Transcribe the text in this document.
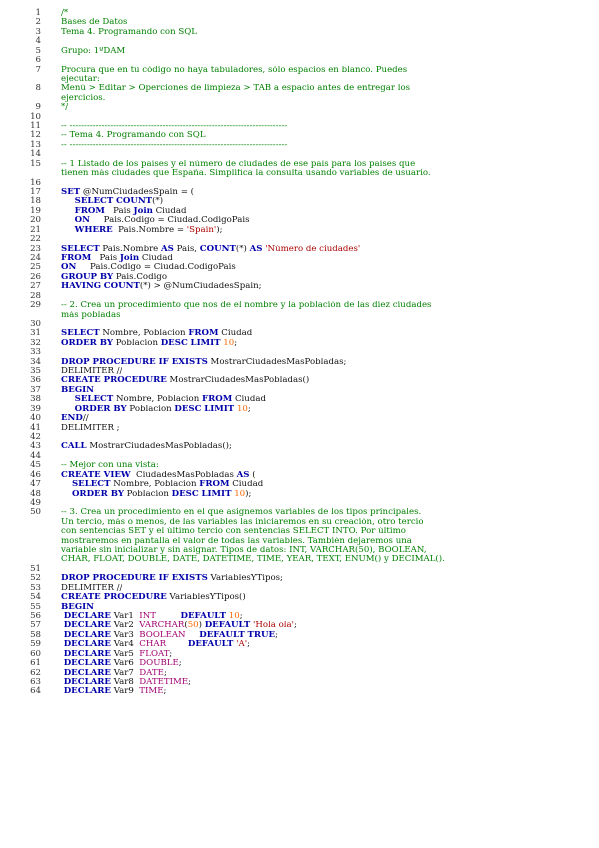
1	/*
2	Bases de Datos
3	Tema 4. Programando con SQL
4
5	Grupo: 1ºDAM
6
7	Procura que en tu código no haya tabuladores, sólo espacios en blanco. Puedes
ejecutar:
8	Menú > Editar > Operciones de limpieza > TAB a espacio antes de entregar los
ejercicios.
9	*/
10
11	-- ---------------------------------------------------------------------------
12	-- Tema 4. Programando con SQL
13	-- ---------------------------------------------------------------------------
14
15	-- 1 Listado de los países y el número de ciudades de ese país para los países que
tienen más ciudades que España. Simplifica la consulta usando variables de usuario.
16
17	SET @NumCiudadesSpain = (
18	SELECT COUNT(*)
19	FROM   Pais Join Ciudad
20	ON     Pais.Codigo = Ciudad.CodigoPais
21	WHERE  Pais.Nombre = 'Spain');
22
23	SELECT Pais.Nombre AS Pais, COUNT(*) AS 'Número de ciudades'
24	FROM   Pais Join Ciudad
25	ON     Pais.Codigo = Ciudad.CodigoPais
26	GROUP BY Pais.Codigo
27	HAVING COUNT(*) > @NumCiudadesSpain;
28
29	-- 2. Crea un procedimiento que nos de el nombre y la población de las diez ciudades
más pobladas
30
31	SELECT Nombre, Poblacion FROM Ciudad
32	ORDER BY Poblacion DESC LIMIT 10;
33
34	DROP PROCEDURE IF EXISTS MostrarCiudadesMasPobladas;
35	DELIMITER //
36	CREATE PROCEDURE MostrarCiudadesMasPobladas()
37	BEGIN
38	SELECT Nombre, Poblacion FROM Ciudad
39	ORDER BY Poblacion DESC LIMIT 10;
40	END//
41	DELIMITER ;
42
43	CALL MostrarCiudadesMasPobladas();
44
45	-- Mejor con una vista:
46	CREATE VIEW  CiudadesMasPobladas AS (
47	SELECT Nombre, Poblacion FROM Ciudad
48	ORDER BY Poblacion DESC LIMIT 10);
49
50	-- 3. Crea un procedimiento en el que asignemos variables de los tipos principales.
Un tercio, más o menos, de las variables las iniciaremos en su creación, otro tercio
con sentencias SET y el último tercio con sentencias SELECT INTO. Por último
mostraremos en pantalla el valor de todas las variables. También dejaremos una
variable sin inicializar y sin asignar. Tipos de datos: INT, VARCHAR(50), BOOLEAN,
CHAR, FLOAT, DOUBLE, DATE, DATETIME, TIME, YEAR, TEXT, ENUM() y DECIMAL().
51
52	DROP PROCEDURE IF EXISTS VariablesYTipos;
53	DELIMITER //
54	CREATE PROCEDURE VariablesYTipos()
55	BEGIN
56	DECLARE Var1  INT	DEFAULT 10;
57	DECLARE Var2  VARCHAR(50) DEFAULT 'Hola ola';
58	DECLARE Var3  BOOLEAN DEFAULT TRUE;
59	DECLARE Var4  CHAR	DEFAULT 'A';
60	DECLARE Var5  FLOAT;
61	DECLARE Var6  DOUBLE;
62	DECLARE Var7  DATE;
63	DECLARE Var8  DATETIME;
64	DECLARE Var9  TIME;
